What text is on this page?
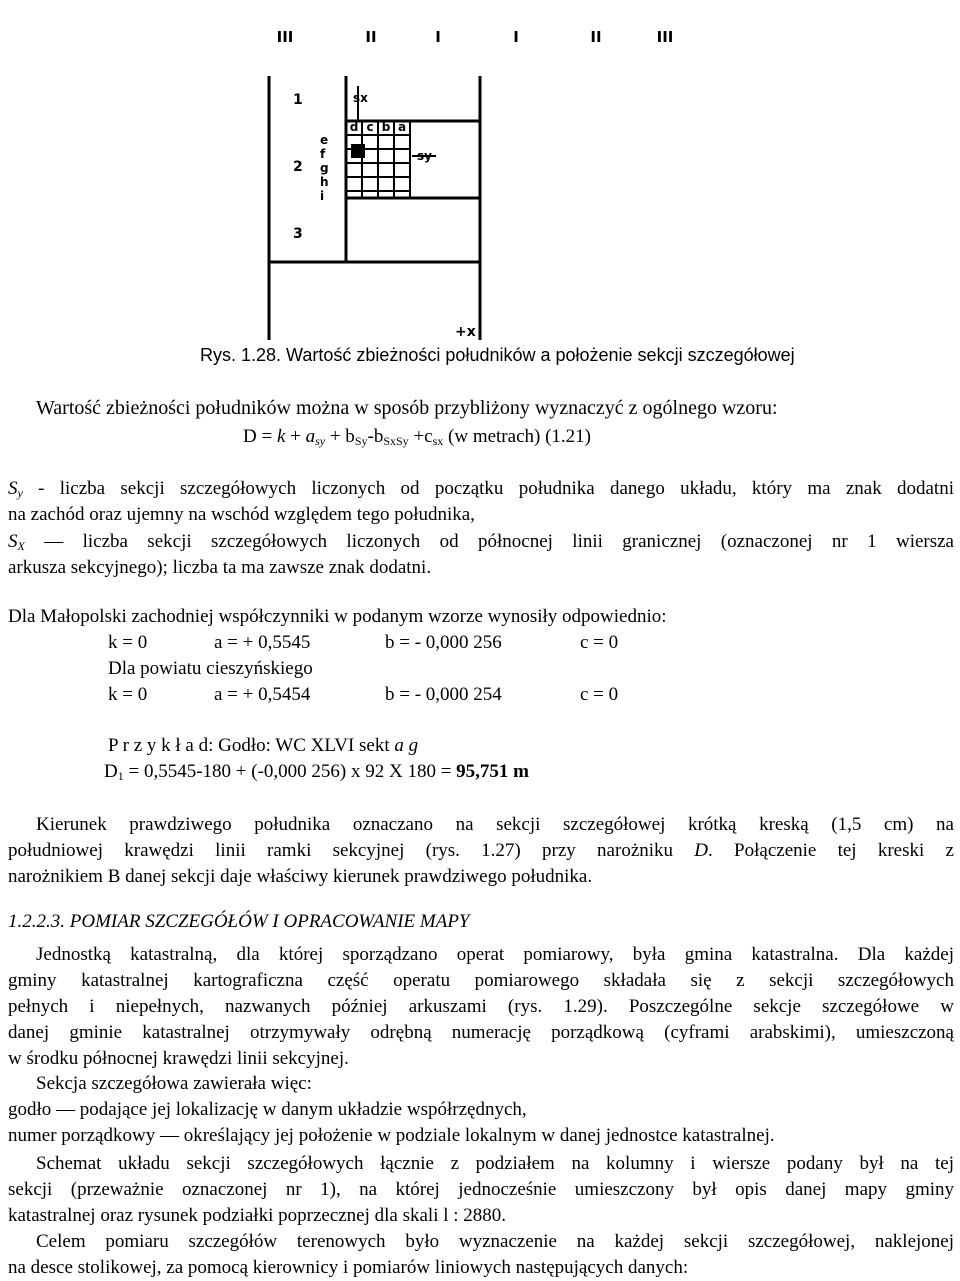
III	II	I	I	II	III
1
2
3
d c b a
e
f
g
h
i
sx
sy
+x
Rys. 1.28. Wartość zbieżności południków a położenie sekcji szczegółowej
Wartość zbieżności południków można w sposób przybliżony wyznaczyć z ogólnego wzoru:
$D = k + a_{sy} + b_{Sy}-b_{SxSy} +c_{sx}$ (w metrach) (1.21)
$S_y$ - liczba sekcji szczegółowych liczonych od początku południka danego układu, który ma znak dodatni
na zachód oraz ujemny na wschód względem tego południka,
$S_X$ — liczba sekcji szczegółowych liczonych od północnej linii granicznej (oznaczonej nr 1 wiersza
arkusza sekcyjnego); liczba ta ma zawsze znak dodatni.
Dla Małopolski zachodniej współczynniki w podanym wzorze wynosiły odpowiednio:
k = 0	a = + 0,5545	b = - 0,000 256	c = 0
Dla powiatu cieszyńskiego
k = 0	a = + 0,5454	b = - 0,000 254	c = 0
P r z y k ł a d: Godło: WC XLVI sekt a g
$D_1 = 0,5545-180 + (-0,000$ 256) x 92 X 180 = 95,751 m
Kierunek prawdziwego południka oznaczano na sekcji szczegółowej krótką kreską (1,5 cm) na
południowej krawędzi linii ramki sekcyjnej (rys. 1.27) przy narożniku D. Połączenie tej kreski z
narożnikiem B danej sekcji daje właściwy kierunek prawdziwego południka.
1.2.2.3. POMIAR SZCZEGÓŁÓW I OPRACOWANIE MAPY
Jednostką katastralną, dla której sporządzano operat pomiarowy, była gmina katastralna. Dla każdej
gminy katastralnej kartograficzna część operatu pomiarowego składała się z sekcji szczegółowych
pełnych i niepełnych, nazwanych później arkuszami (rys. 1.29). Poszczególne sekcje szczegółowe w
danej gminie katastralnej otrzymywały odrębną numerację porządkową (cyframi arabskimi), umieszczoną
w środku północnej krawędzi linii sekcyjnej.
Sekcja szczegółowa zawierała więc:
godło — podające jej lokalizację w danym układzie współrzędnych,
numer porządkowy — określający jej położenie w podziale lokalnym w danej jednostce katastralnej.
Schemat układu sekcji szczegółowych łącznie z podziałem na kolumny i wiersze podany był na tej
sekcji (przeważnie oznaczonej nr 1), na której jednocześnie umieszczony był opis danej mapy gminy
katastralnej oraz rysunek podziałki poprzecznej dla skali l : 2880.
Celem pomiaru szczegółów terenowych było wyznaczenie na każdej sekcji szczegółowej, naklejonej
na desce stolikowej, za pomocą kierownicy i pomiarów liniowych następujących danych:
